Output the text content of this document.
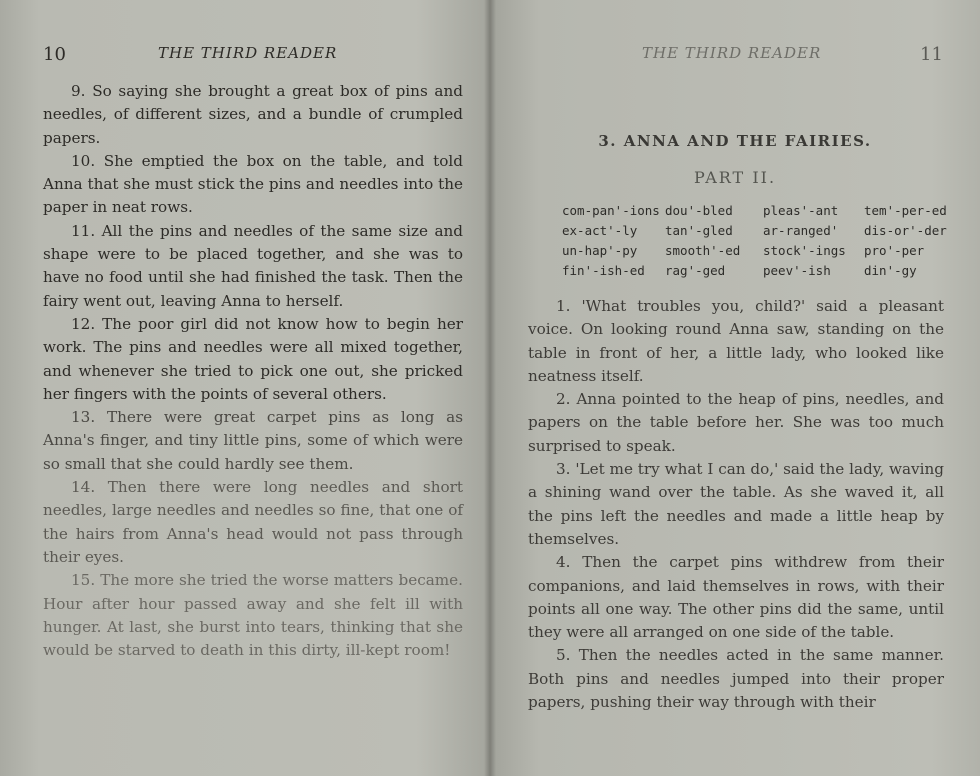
10	THE THIRD READER

9. So saying she brought a great box of pins and needles, of different sizes, and a bundle of crumpled papers.

10. She emptied the box on the table, and told Anna that she must stick the pins and needles into the paper in neat rows.

11. All the pins and needles of the same size and shape were to be placed together, and she was to have no food until she had finished the task. Then the fairy went out, leaving Anna to herself.

12. The poor girl did not know how to begin her work. The pins and needles were all mixed together, and whenever she tried to pick one out, she pricked her fingers with the points of several others.

13. There were great carpet pins as long as Anna's finger, and tiny little pins, some of which were so small that she could hardly see them.

14. Then there were long needles and short needles, large needles and needles so fine, that one of the hairs from Anna's head would not pass through their eyes.

15. The more she tried the worse matters became. Hour after hour passed away and she felt ill with hunger. At last, she burst into tears, thinking that she would be starved to death in this dirty, ill-kept room!

THE THIRD READER	11
3. ANNA AND THE FAIRIES.
PART II.
com-pan'-ions dou'-bled	pleas'-ant	tem'-per-ed
ex-act'-ly	tan'-gled	ar-ranged'	dis-or'-der
un-hap'-py	smooth'-ed	stock'-ings	pro'-per
fin'-ish-ed	rag'-ged	peev'-ish	din'-gy

1. 'What troubles you, child?' said a pleasant voice. On looking round Anna saw, standing on the table in front of her, a little lady, who looked like neatness itself.

2. Anna pointed to the heap of pins, needles, and papers on the table before her. She was too much surprised to speak.

3. 'Let me try what I can do,' said the lady, waving a shining wand over the table. As she waved it, all the pins left the needles and made a little heap by themselves.

4. Then the carpet pins withdrew from their companions, and laid themselves in rows, with their points all one way. The other pins did the same, until they were all arranged on one side of the table.

5. Then the needles acted in the same manner. Both pins and needles jumped into their proper papers, pushing their way through with their
